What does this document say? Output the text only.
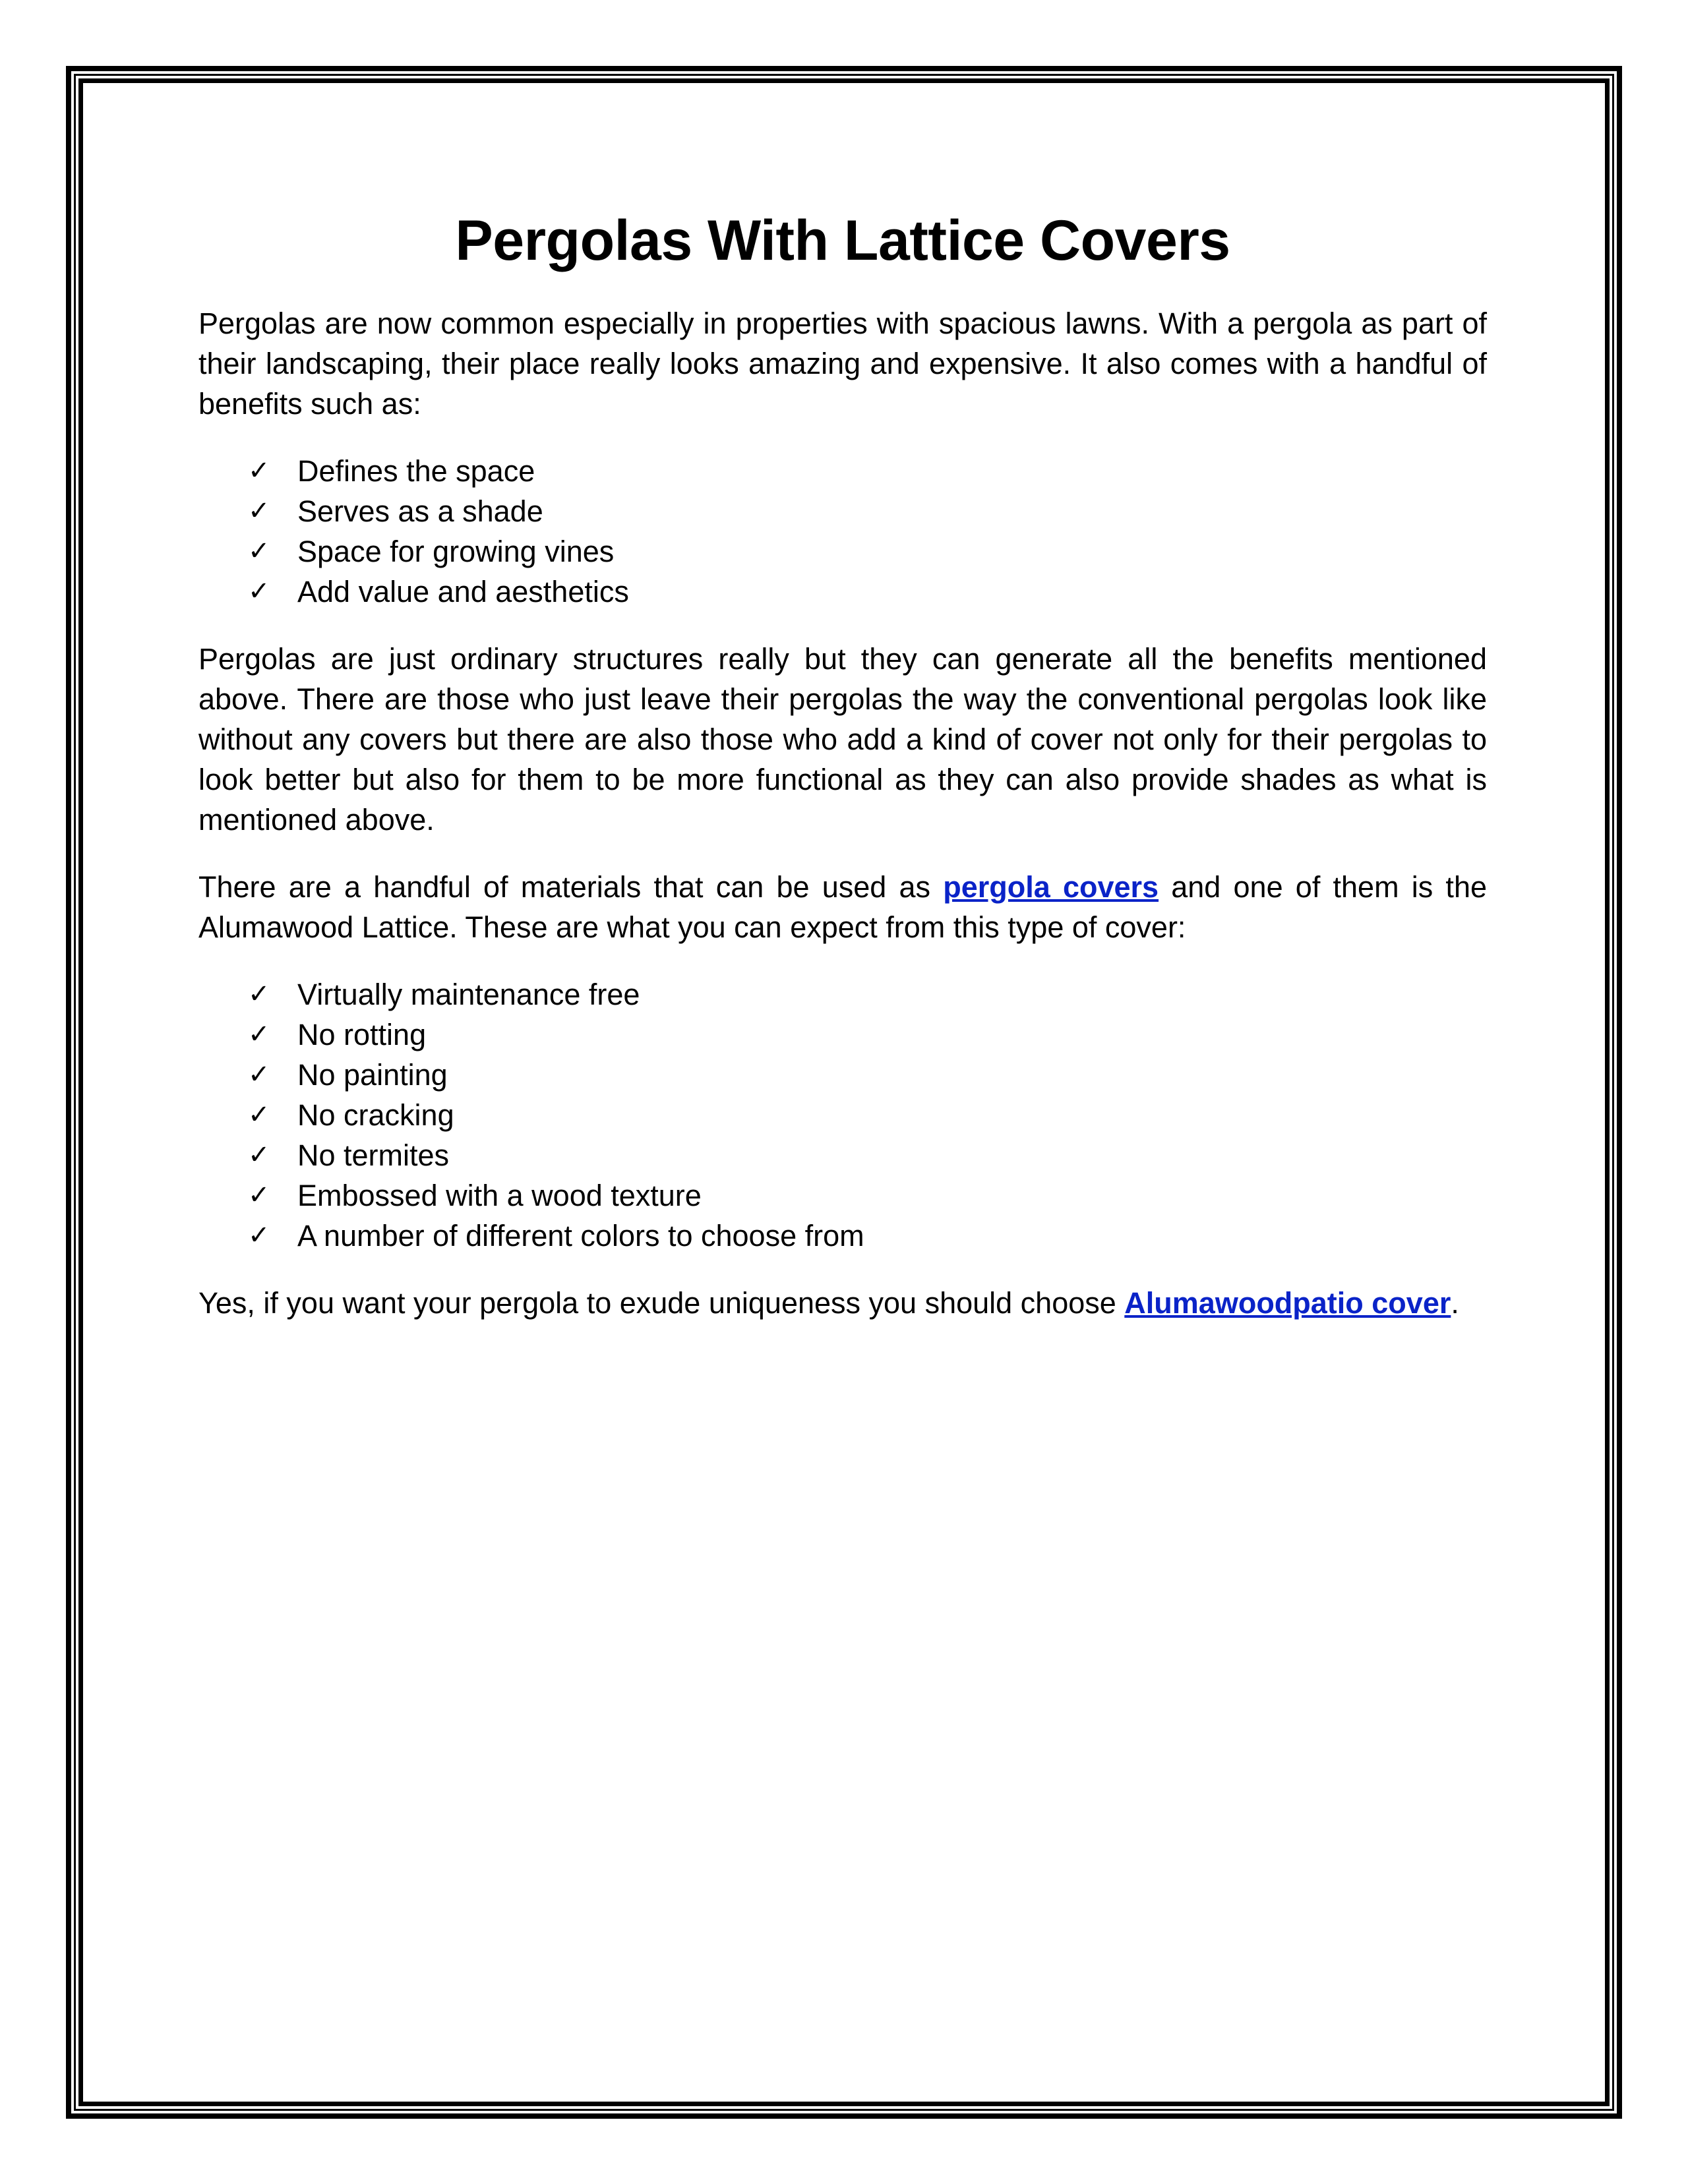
Pergolas With Lattice Covers

Pergolas are now common especially in properties with spacious lawns. With a pergola as part of their landscaping, their place really looks amazing and expensive. It also comes with a handful of benefits such as:

✓ Defines the space
✓ Serves as a shade
✓ Space for growing vines
✓ Add value and aesthetics

Pergolas are just ordinary structures really but they can generate all the benefits mentioned above. There are those who just leave their pergolas the way the conventional pergolas look like without any covers but there are also those who add a kind of cover not only for their pergolas to look better but also for them to be more functional as they can also provide shades as what is mentioned above.

There are a handful of materials that can be used as pergola covers and one of them is the Alumawood Lattice. These are what you can expect from this type of cover:

✓ Virtually maintenance free
✓ No rotting
✓ No painting
✓ No cracking
✓ No termites
✓ Embossed with a wood texture
✓ A number of different colors to choose from

Yes, if you want your pergola to exude uniqueness you should choose Alumawoodpatio cover.
